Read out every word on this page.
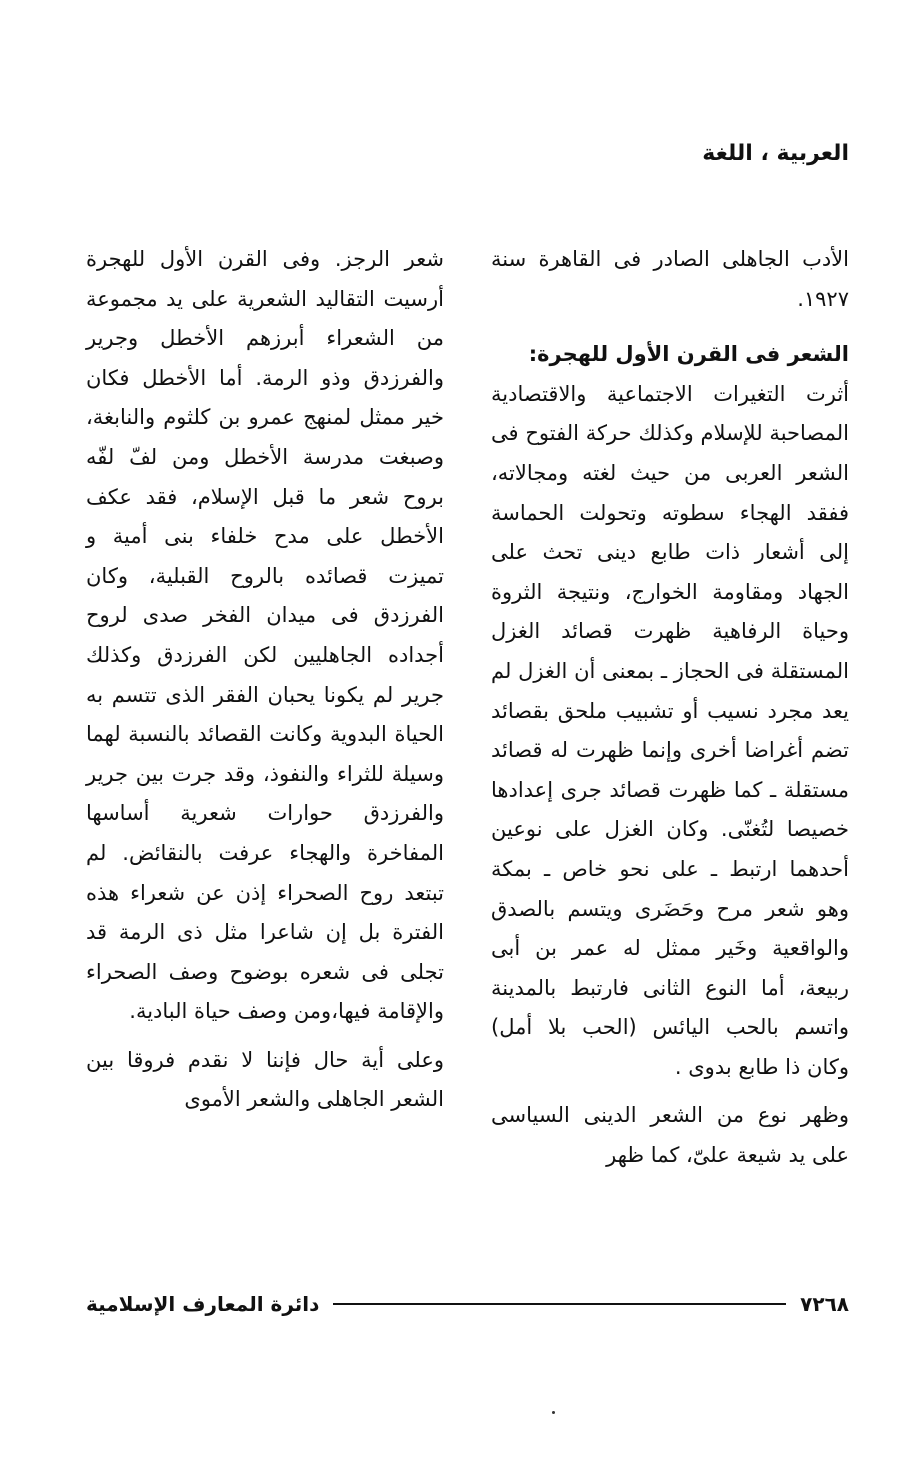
العربية ، اللغة

الأدب الجاهلى الصادر فى القاهرة سنة ١٩٢٧.

الشعر فى القرن الأول للهجرة:

أثرت التغيرات الاجتماعية والاقتصادية المصاحبة للإسلام وكذلك حركة الفتوح فى الشعر العربى من حيث لغته ومجالاته، ففقد الهجاء سطوته وتحولت الحماسة إلى أشعار ذات طابع دينى تحث على الجهاد ومقاومة الخوارج، ونتيجة الثروة وحياة الرفاهية ظهرت قصائد الغزل المستقلة فى الحجاز ـ بمعنى أن الغزل لم يعد مجرد نسيب أو تشبيب ملحق بقصائد تضم أغراضا أخرى وإنما ظهرت له قصائد مستقلة ـ كما ظهرت قصائد جرى إعدادها خصيصا لتُغنّى. وكان الغزل على نوعين أحدهما ارتبط ـ على نحو خاص ـ بمكة وهو شعر مرح وحَضَرى ويتسم بالصدق والواقعية وخَير ممثل له عمر بن أبى ربيعة، أما النوع الثانى فارتبط بالمدينة واتسم بالحب اليائس (الحب بلا أمل) وكان ذا طابع بدوى .

وظهر نوع من الشعر الدينى السياسى على يد شيعة علىّ، كما ظهر

شعر الرجز. وفى القرن الأول للهجرة أرسيت التقاليد الشعرية على يد مجموعة من الشعراء أبرزهم الأخطل وجرير والفرزدق وذو الرمة. أما الأخطل فكان خير ممثل لمنهج عمرو بن كلثوم والنابغة، وصبغت مدرسة الأخطل ومن لفّ لفّه بروح شعر ما قبل الإسلام، فقد عكف الأخطل على مدح خلفاء بنى أمية و تميزت قصائده بالروح القبلية، وكان الفرزدق فى ميدان الفخر صدى لروح أجداده الجاهليين لكن الفرزدق وكذلك جرير لم يكونا يحبان الفقر الذى تتسم به الحياة البدوية وكانت القصائد بالنسبة لهما وسيلة للثراء والنفوذ، وقد جرت بين جرير والفرزدق حوارات شعرية أساسها المفاخرة والهجاء عرفت بالنقائض. لم تبتعد روح الصحراء إذن عن شعراء هذه الفترة بل إن شاعرا مثل ذى الرمة قد تجلى فى شعره بوضوح وصف الصحراء والإقامة فيها،ومن وصف حياة البادية.

وعلى أية حال فإننا لا نقدم فروقا بين الشعر الجاهلى والشعر الأموى

٧٢٦٨
دائرة المعارف الإسلامية
